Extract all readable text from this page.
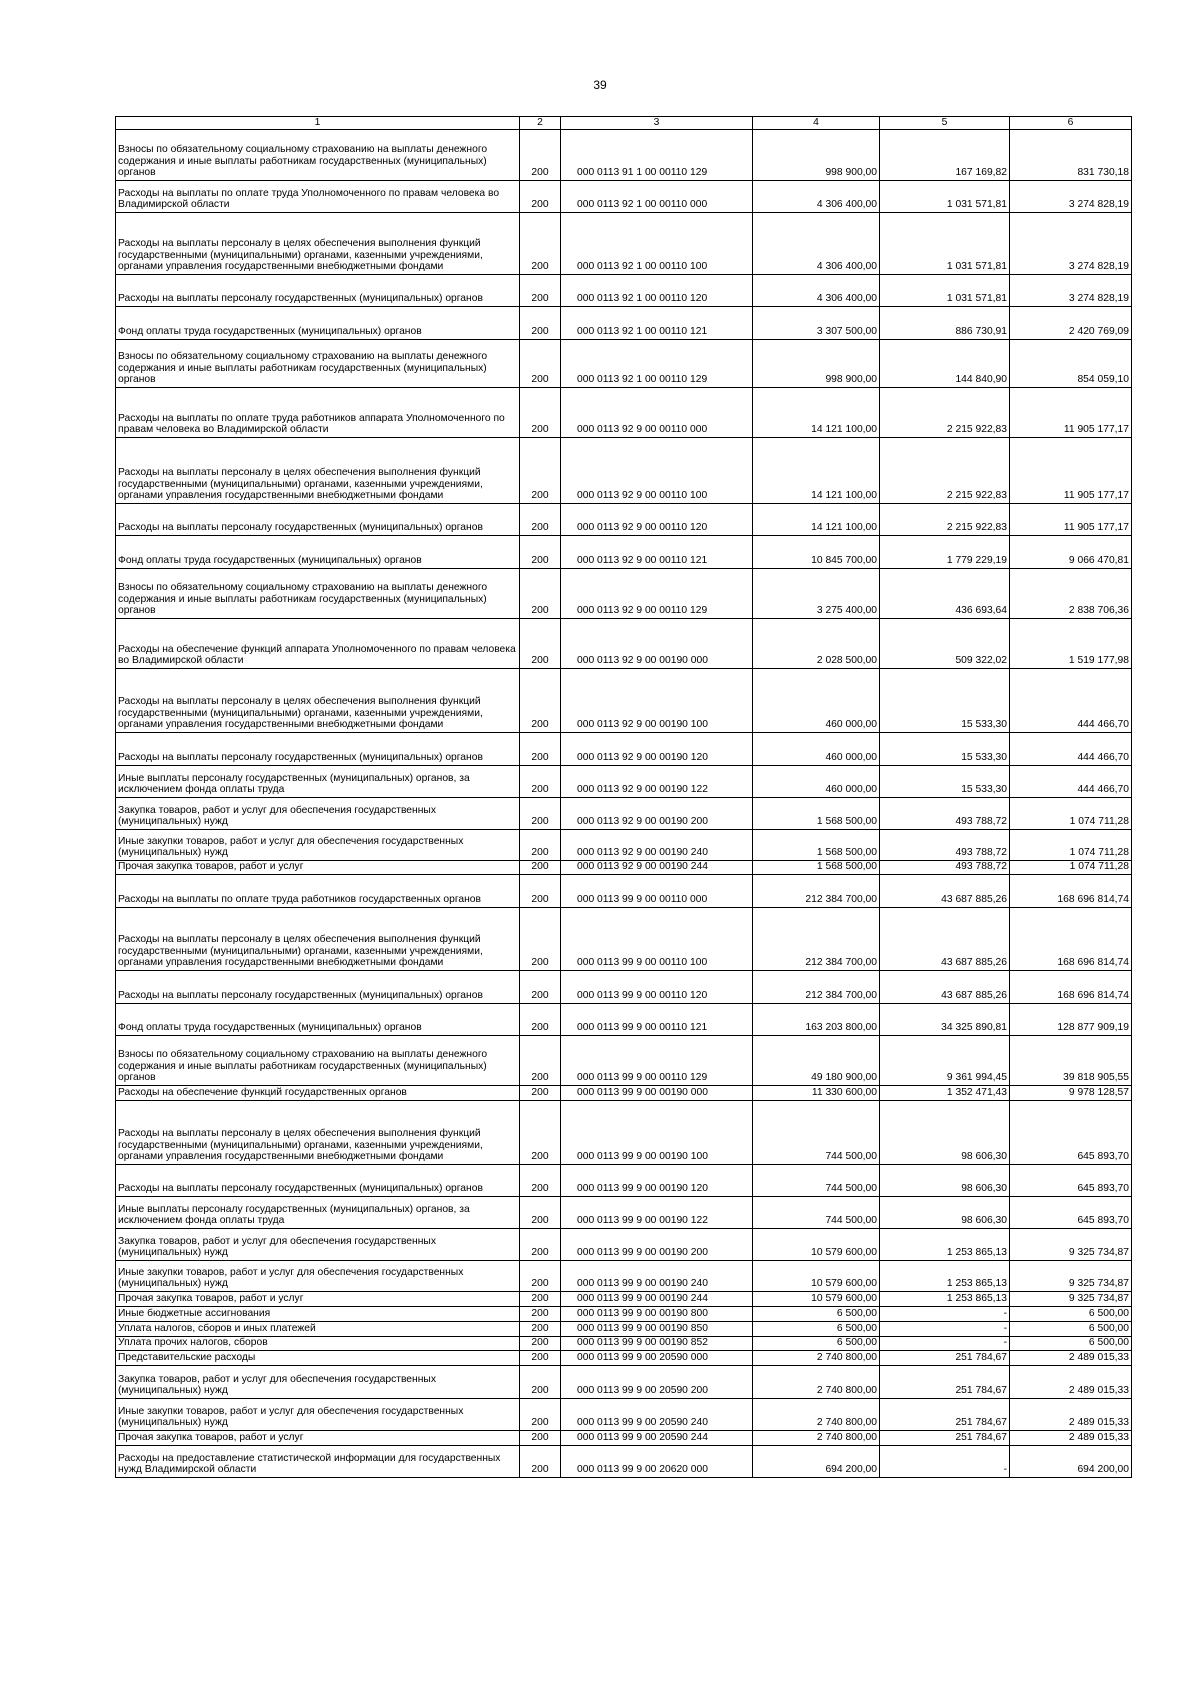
39
1	2	3	4	5	6
Взносы по обязательному социальному страхованию на выплаты денежного содержания и иные выплаты работникам государственных (муниципальных) органов	200	000 0113 91 1 00 00110 129	998 900,00	167 169,82	831 730,18
Расходы на выплаты по оплате труда Уполномоченного по правам человека во Владимирской области	200	000 0113 92 1 00 00110 000	4 306 400,00	1 031 571,81	3 274 828,19
Расходы на выплаты персоналу в целях обеспечения выполнения функций государственными (муниципальными) органами, казенными учреждениями, органами управления государственными внебюджетными фондами	200	000 0113 92 1 00 00110 100	4 306 400,00	1 031 571,81	3 274 828,19
Расходы на выплаты персоналу государственных (муниципальных) органов	200	000 0113 92 1 00 00110 120	4 306 400,00	1 031 571,81	3 274 828,19
Фонд оплаты труда государственных (муниципальных) органов	200	000 0113 92 1 00 00110 121	3 307 500,00	886 730,91	2 420 769,09
Взносы по обязательному социальному страхованию на выплаты денежного содержания и иные выплаты работникам государственных (муниципальных) органов	200	000 0113 92 1 00 00110 129	998 900,00	144 840,90	854 059,10
Расходы на выплаты по оплате труда работников аппарата Уполномоченного по правам человека во Владимирской области	200	000 0113 92 9 00 00110 000	14 121 100,00	2 215 922,83	11 905 177,17
Расходы на выплаты персоналу в целях обеспечения выполнения функций государственными (муниципальными) органами, казенными учреждениями, органами управления государственными внебюджетными фондами	200	000 0113 92 9 00 00110 100	14 121 100,00	2 215 922,83	11 905 177,17
Расходы на выплаты персоналу государственных (муниципальных) органов	200	000 0113 92 9 00 00110 120	14 121 100,00	2 215 922,83	11 905 177,17
Фонд оплаты труда государственных (муниципальных) органов	200	000 0113 92 9 00 00110 121	10 845 700,00	1 779 229,19	9 066 470,81
Взносы по обязательному социальному страхованию на выплаты денежного содержания и иные выплаты работникам государственных (муниципальных) органов	200	000 0113 92 9 00 00110 129	3 275 400,00	436 693,64	2 838 706,36
Расходы на обеспечение функций аппарата Уполномоченного по правам человека во Владимирской области	200	000 0113 92 9 00 00190 000	2 028 500,00	509 322,02	1 519 177,98
Расходы на выплаты персоналу в целях обеспечения выполнения функций государственными (муниципальными) органами, казенными учреждениями, органами управления государственными внебюджетными фондами	200	000 0113 92 9 00 00190 100	460 000,00	15 533,30	444 466,70
Расходы на выплаты персоналу государственных (муниципальных) органов	200	000 0113 92 9 00 00190 120	460 000,00	15 533,30	444 466,70
Иные выплаты персоналу государственных (муниципальных) органов, за исключением фонда оплаты труда	200	000 0113 92 9 00 00190 122	460 000,00	15 533,30	444 466,70
Закупка товаров, работ и услуг для обеспечения государственных (муниципальных) нужд	200	000 0113 92 9 00 00190 200	1 568 500,00	493 788,72	1 074 711,28
Иные закупки товаров, работ и услуг для обеспечения государственных (муниципальных) нужд	200	000 0113 92 9 00 00190 240	1 568 500,00	493 788,72	1 074 711,28
Прочая закупка товаров, работ и услуг	200	000 0113 92 9 00 00190 244	1 568 500,00	493 788,72	1 074 711,28
Расходы на выплаты по оплате труда работников государственных органов	200	000 0113 99 9 00 00110 000	212 384 700,00	43 687 885,26	168 696 814,74
Расходы на выплаты персоналу в целях обеспечения выполнения функций государственными (муниципальными) органами, казенными учреждениями, органами управления государственными внебюджетными фондами	200	000 0113 99 9 00 00110 100	212 384 700,00	43 687 885,26	168 696 814,74
Расходы на выплаты персоналу государственных (муниципальных) органов	200	000 0113 99 9 00 00110 120	212 384 700,00	43 687 885,26	168 696 814,74
Фонд оплаты труда государственных (муниципальных) органов	200	000 0113 99 9 00 00110 121	163 203 800,00	34 325 890,81	128 877 909,19
Взносы по обязательному социальному страхованию на выплаты денежного содержания и иные выплаты работникам государственных (муниципальных) органов	200	000 0113 99 9 00 00110 129	49 180 900,00	9 361 994,45	39 818 905,55
Расходы на обеспечение функций государственных органов	200	000 0113 99 9 00 00190 000	11 330 600,00	1 352 471,43	9 978 128,57
Расходы на выплаты персоналу в целях обеспечения выполнения функций государственными (муниципальными) органами, казенными учреждениями, органами управления государственными внебюджетными фондами	200	000 0113 99 9 00 00190 100	744 500,00	98 606,30	645 893,70
Расходы на выплаты персоналу государственных (муниципальных) органов	200	000 0113 99 9 00 00190 120	744 500,00	98 606,30	645 893,70
Иные выплаты персоналу государственных (муниципальных) органов, за исключением фонда оплаты труда	200	000 0113 99 9 00 00190 122	744 500,00	98 606,30	645 893,70
Закупка товаров, работ и услуг для обеспечения государственных (муниципальных) нужд	200	000 0113 99 9 00 00190 200	10 579 600,00	1 253 865,13	9 325 734,87
Иные закупки товаров, работ и услуг для обеспечения государственных (муниципальных) нужд	200	000 0113 99 9 00 00190 240	10 579 600,00	1 253 865,13	9 325 734,87
Прочая закупка товаров, работ и услуг	200	000 0113 99 9 00 00190 244	10 579 600,00	1 253 865,13	9 325 734,87
Иные бюджетные ассигнования	200	000 0113 99 9 00 00190 800	6 500,00	-	6 500,00
Уплата налогов, сборов и иных платежей	200	000 0113 99 9 00 00190 850	6 500,00	-	6 500,00
Уплата прочих налогов, сборов	200	000 0113 99 9 00 00190 852	6 500,00	-	6 500,00
Представительские расходы	200	000 0113 99 9 00 20590 000	2 740 800,00	251 784,67	2 489 015,33
Закупка товаров, работ и услуг для обеспечения государственных (муниципальных) нужд	200	000 0113 99 9 00 20590 200	2 740 800,00	251 784,67	2 489 015,33
Иные закупки товаров, работ и услуг для обеспечения государственных (муниципальных) нужд	200	000 0113 99 9 00 20590 240	2 740 800,00	251 784,67	2 489 015,33
Прочая закупка товаров, работ и услуг	200	000 0113 99 9 00 20590 244	2 740 800,00	251 784,67	2 489 015,33
Расходы на предоставление статистической информации для государственных нужд Владимирской области	200	000 0113 99 9 00 20620 000	694 200,00	-	694 200,00
